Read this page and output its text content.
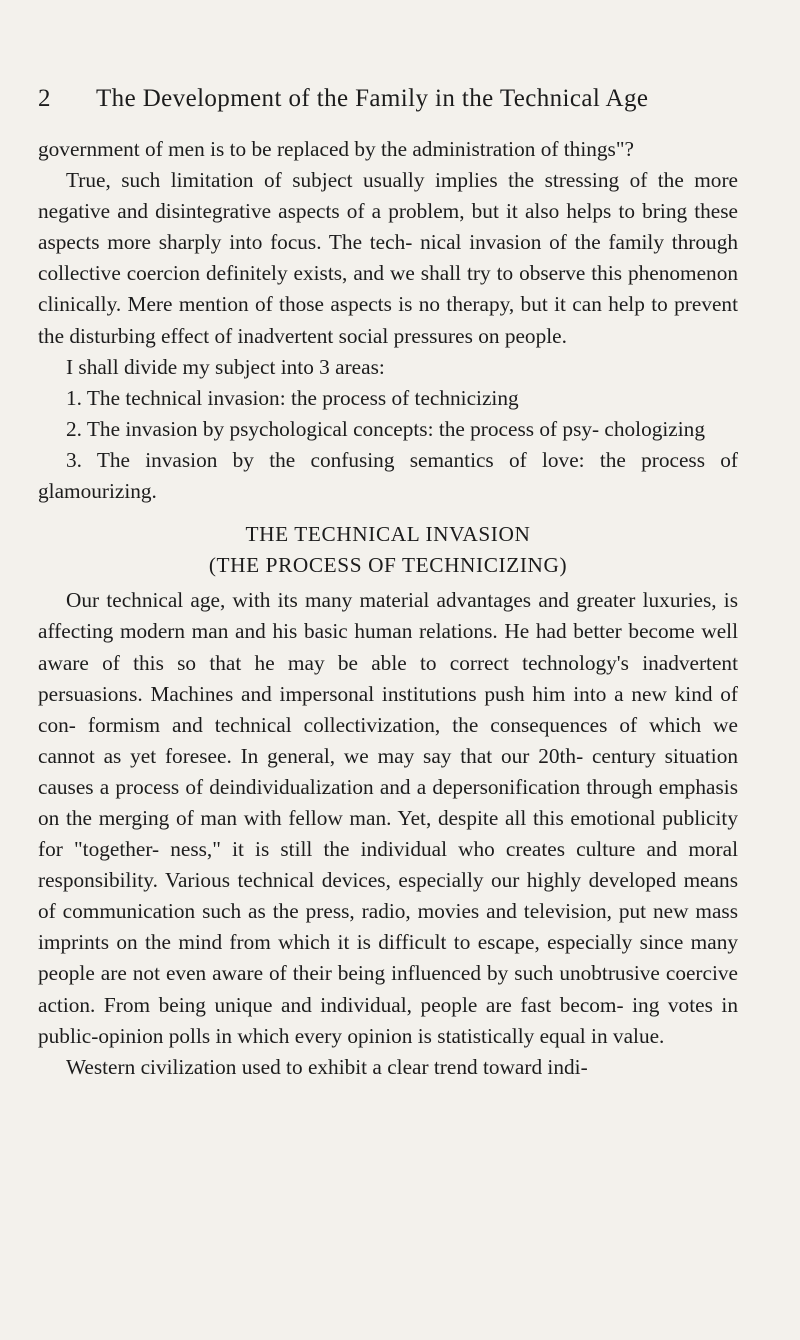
2	The Development of the Family in the Technical Age

government of men is to be replaced by the administration of things"?

True, such limitation of subject usually implies the stressing of the more negative and disintegrative aspects of a problem, but it also helps to bring these aspects more sharply into focus. The tech- nical invasion of the family through collective coercion definitely exists, and we shall try to observe this phenomenon clinically. Mere mention of those aspects is no therapy, but it can help to prevent the disturbing effect of inadvertent social pressures on people.

I shall divide my subject into 3 areas:

1. The technical invasion: the process of technicizing

2. The invasion by psychological concepts: the process of psy- chologizing

3. The invasion by the confusing semantics of love: the process of glamourizing.

THE TECHNICAL INVASION
(THE PROCESS OF TECHNICIZING)

Our technical age, with its many material advantages and greater luxuries, is affecting modern man and his basic human relations. He had better become well aware of this so that he may be able to correct technology's inadvertent persuasions. Machines and impersonal institutions push him into a new kind of con- formism and technical collectivization, the consequences of which we cannot as yet foresee. In general, we may say that our 20th- century situation causes a process of deindividualization and a depersonification through emphasis on the merging of man with fellow man. Yet, despite all this emotional publicity for "together- ness," it is still the individual who creates culture and moral responsibility. Various technical devices, especially our highly developed means of communication such as the press, radio, movies and television, put new mass imprints on the mind from which it is difficult to escape, especially since many people are not even aware of their being influenced by such unobtrusive coercive action. From being unique and individual, people are fast becom- ing votes in public-opinion polls in which every opinion is statistically equal in value.

Western civilization used to exhibit a clear trend toward indi-
